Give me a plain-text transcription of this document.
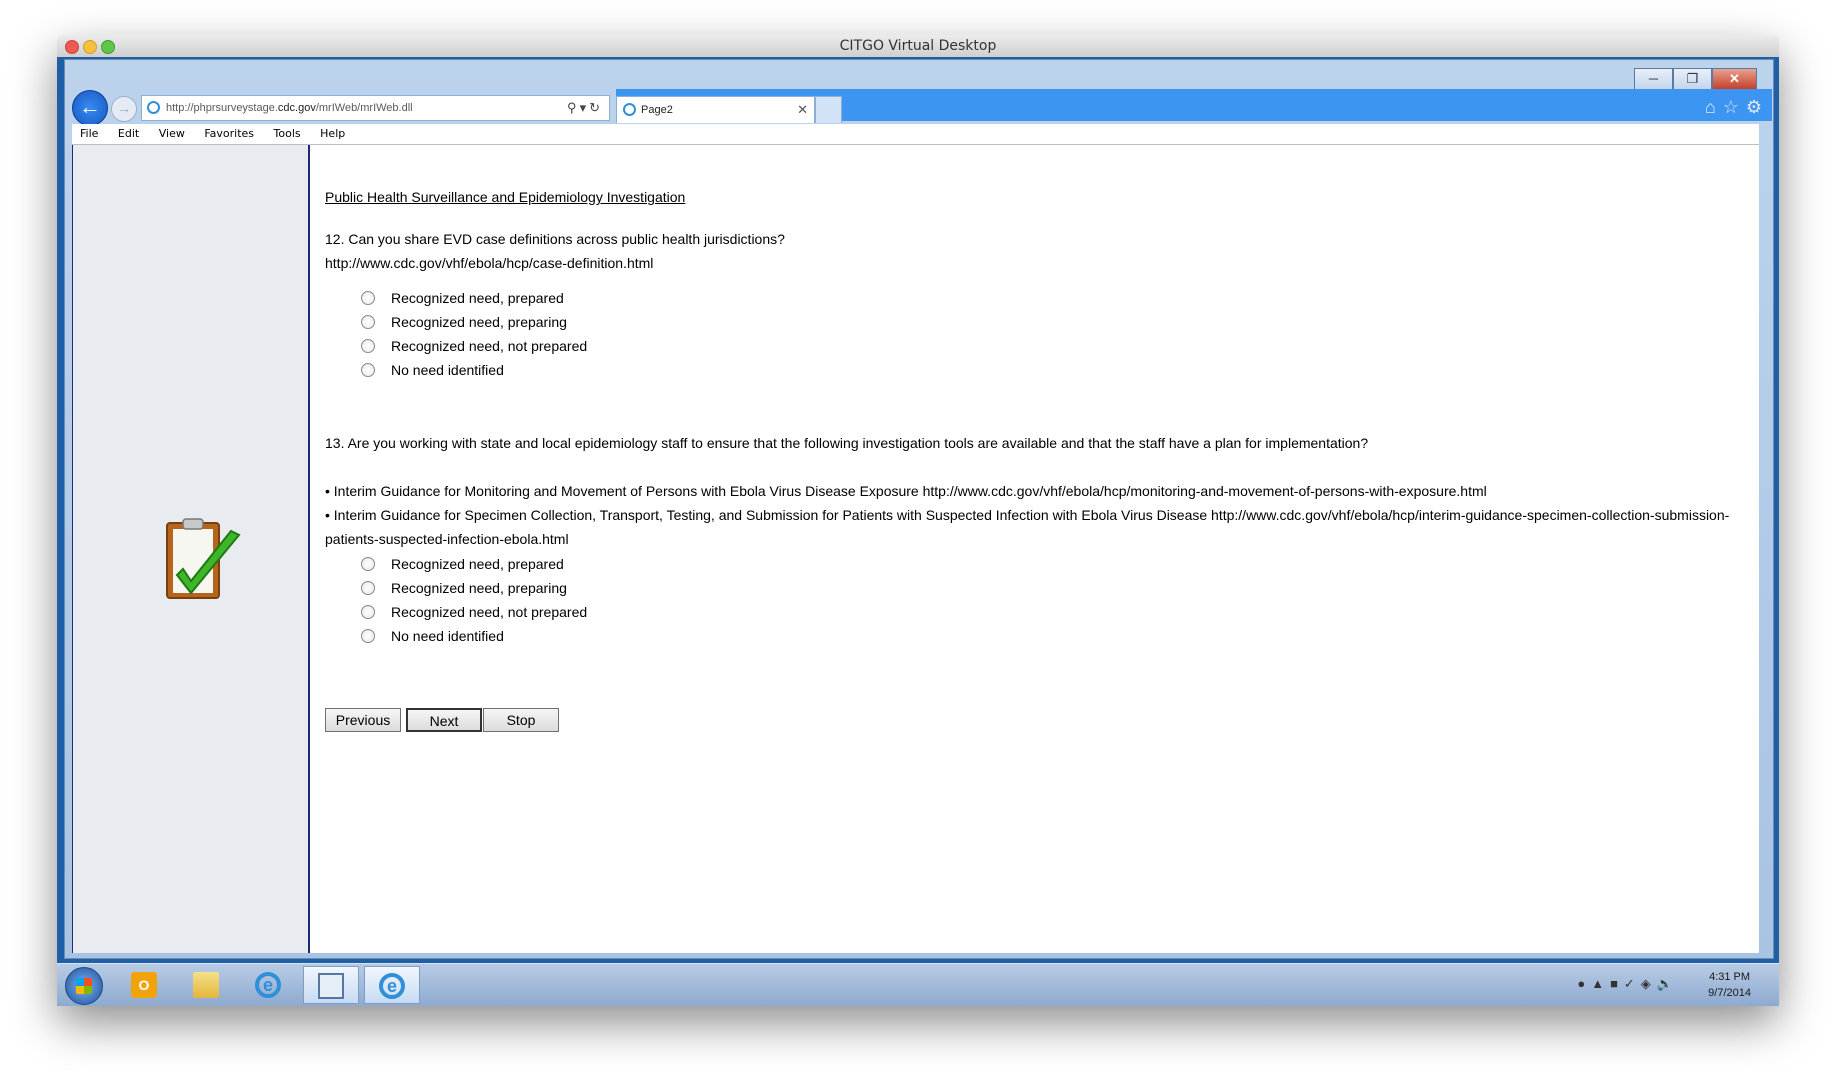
CITGO Virtual Desktop
─	❐	✕
←	→	http://phprsurveystage.cdc.gov/mrIWeb/mrIWeb.dll	⚲▾↻	Page2	✕	⌂☆⚙
File Edit View Favorites Tools Help
Public Health Surveillance and Epidemiology Investigation
12. Can you share EVD case definitions across public health jurisdictions?
http://www.cdc.gov/vhf/ebola/hcp/case-definition.html
Recognized need, prepared
Recognized need, preparing
Recognized need, not prepared
No need identified
13. Are you working with state and local epidemiology staff to ensure that the following investigation tools are available and that the staff have a plan for implementation?
• Interim Guidance for Monitoring and Movement of Persons with Ebola Virus Disease Exposure http://www.cdc.gov/vhf/ebola/hcp/monitoring-and-movement-of-persons-with-exposure.html
• Interim Guidance for Specimen Collection, Transport, Testing, and Submission for Patients with Suspected Infection with Ebola Virus Disease http://www.cdc.gov/vhf/ebola/hcp/interim-guidance-specimen-collection-submission-patients-suspected-infection-ebola.html
Recognized need, prepared
Recognized need, preparing
Recognized need, not prepared
No need identified
Previous	Next	Stop
O	e	e	●▲■✓◈🔈	4:31 PM
9/7/2014
